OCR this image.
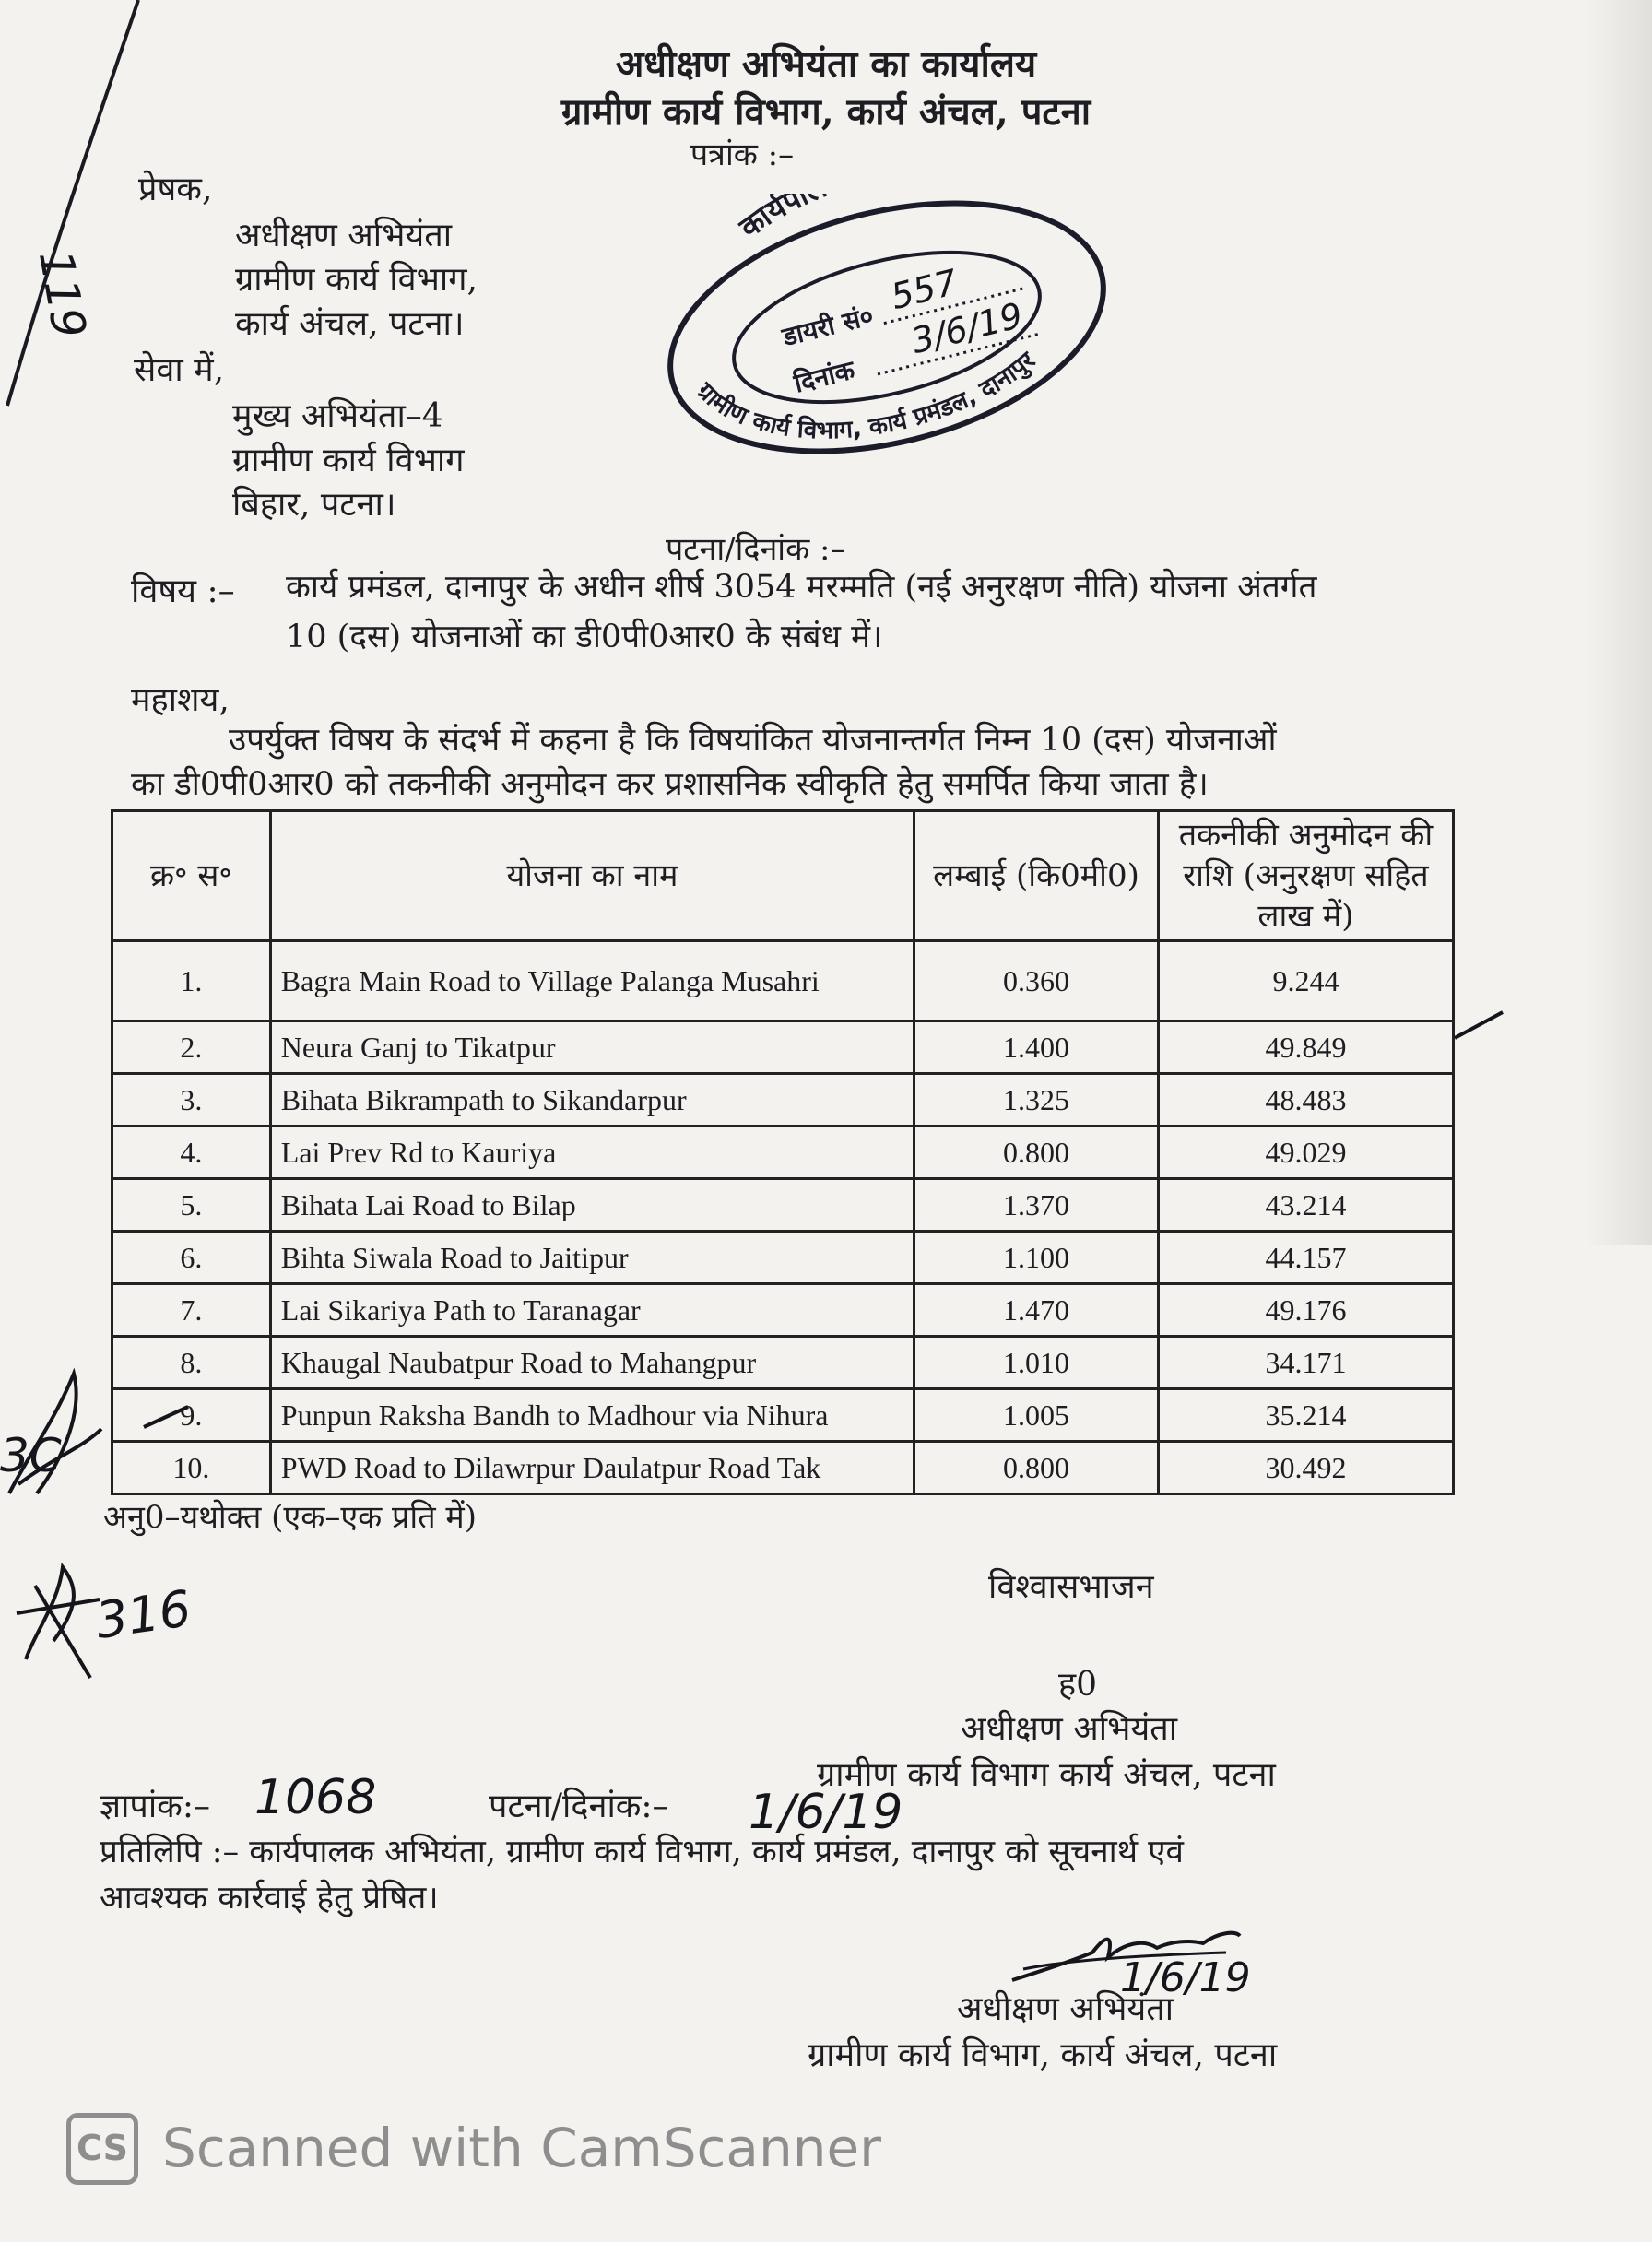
अधीक्षण अभियंता का कार्यालय
ग्रामीण कार्य विभाग, कार्य अंचल, पटना
पत्रांक :–
प्रेषक,
अधीक्षण अभियंता
ग्रामीण कार्य विभाग,
कार्य अंचल, पटना।
सेवा में,
मुख्य अभियंता–4
ग्रामीण कार्य विभाग
बिहार, पटना।
कार्यपा
ग्रामीण कार्य विभाग, कार्य प्रमंडल, दानापुर
डायरी सं०
557
दिनांक
3/6/19
पटना/दिनांक :–
विषय :– कार्य प्रमंडल, दानापुर के अधीन शीर्ष 3054 मरम्मति (नई अनुरक्षण नीति) योजना अंतर्गत
10 (दस) योजनाओं का डी0पी0आर0 के संबंध में।
महाशय,
उपर्युक्त विषय के संदर्भ में कहना है कि विषयांकित योजनान्तर्गत निम्न 10 (दस) योजनाओं
का डी0पी0आर0 को तकनीकी अनुमोदन कर प्रशासनिक स्वीकृति हेतु समर्पित किया जाता है।
क्र॰ स॰	योजना का नाम	लम्बाई (कि0मी0)	तकनीकी अनुमोदन की राशि (अनुरक्षण सहित लाख में)
1.	Bagra Main Road to Village Palanga Musahri	0.360	9.244
2.	Neura Ganj to Tikatpur	1.400	49.849
3.	Bihata Bikrampath to Sikandarpur	1.325	48.483
4.	Lai Prev Rd to Kauriya	0.800	49.029
5.	Bihata Lai Road to Bilap	1.370	43.214
6.	Bihta Siwala Road to Jaitipur	1.100	44.157
7.	Lai Sikariya Path to Taranagar	1.470	49.176
8.	Khaugal Naubatpur Road to Mahangpur	1.010	34.171
9.	Punpun Raksha Bandh to Madhour via Nihura	1.005	35.214
10.	PWD Road to Dilawrpur Daulatpur Road Tak	0.800	30.492
अनु0–यथोक्त (एक–एक प्रति में)
विश्वासभाजन
ह0
अधीक्षण अभियंता
ग्रामीण कार्य विभाग कार्य अंचल, पटना
ज्ञापांक:– 1068	पटना/दिनांक:– 1/6/19
प्रतिलिपि :– कार्यपालक अभियंता, ग्रामीण कार्य विभाग, कार्य प्रमंडल, दानापुर को सूचनार्थ एवं
आवश्यक कार्रवाई हेतु प्रेषित।
1/6/19
अधीक्षण अभियंता
ग्रामीण कार्य विभाग, कार्य अंचल, पटना
119
3C
316
CS Scanned with CamScanner
